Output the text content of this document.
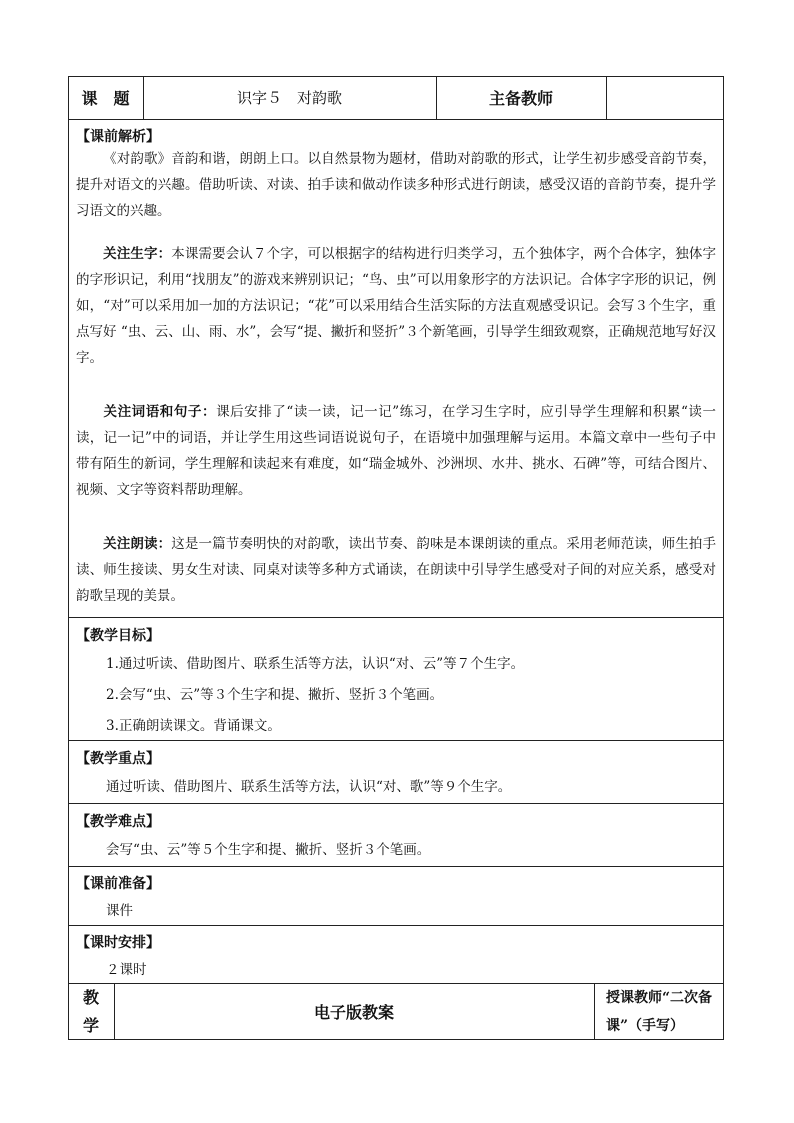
课　题	识字５　对韵歌	主备教师
【课前解析】

《对韵歌》音韵和谐，朗朗上口。以自然景物为题材，借助对韵歌的形式，让学生初步感受音韵节奏，提升对语文的兴趣。借助听读、对读、拍手读和做动作读多种形式进行朗读，感受汉语的音韵节奏，提升学习语文的兴趣。

关注生字：本课需要会认７个字，可以根据字的结构进行归类学习，五个独体字，两个合体字，独体字的字形识记，利用“找朋友”的游戏来辨别识记；“鸟、虫”可以用象形字的方法识记。合体字字形的识记，例如，“对”可以采用加一加的方法识记；“花”可以采用结合生活实际的方法直观感受识记。会写３个生字，重点写好 “虫、云、山、雨、水”，会写“提、撇折和竖折”３个新笔画，引导学生细致观察，正确规范地写好汉字。

关注词语和句子：课后安排了“读一读，记一记”练习，在学习生字时，应引导学生理解和积累“读一读，记一记”中的词语，并让学生用这些词语说说句子，在语境中加强理解与运用。本篇文章中一些句子中带有陌生的新词，学生理解和读起来有难度，如“瑞金城外、沙洲坝、水井、挑水、石碑”等，可结合图片、视频、文字等资料帮助理解。

关注朗读：这是一篇节奏明快的对韵歌，读出节奏、韵味是本课朗读的重点。采用老师范读，师生拍手读、师生接读、男女生对读、同桌对读等多种方式诵读，在朗读中引导学生感受对子间的对应关系，感受对韵歌呈现的美景。

【教学目标】
1.通过听读、借助图片、联系生活等方法，认识“对、云”等７个生字。
2.会写“虫、云”等３个生字和提、撇折、竖折３个笔画。
3.正确朗读课文。背诵课文。
【教学重点】
通过听读、借助图片、联系生活等方法，认识“对、歌”等９个生字。
【教学难点】
会写“虫、云”等５个生字和提、撇折、竖折３个笔画。
【课前准备】
课件
【课时安排】
２课时
教
学
电子版教案
授课教师“二次备课”（手写）
